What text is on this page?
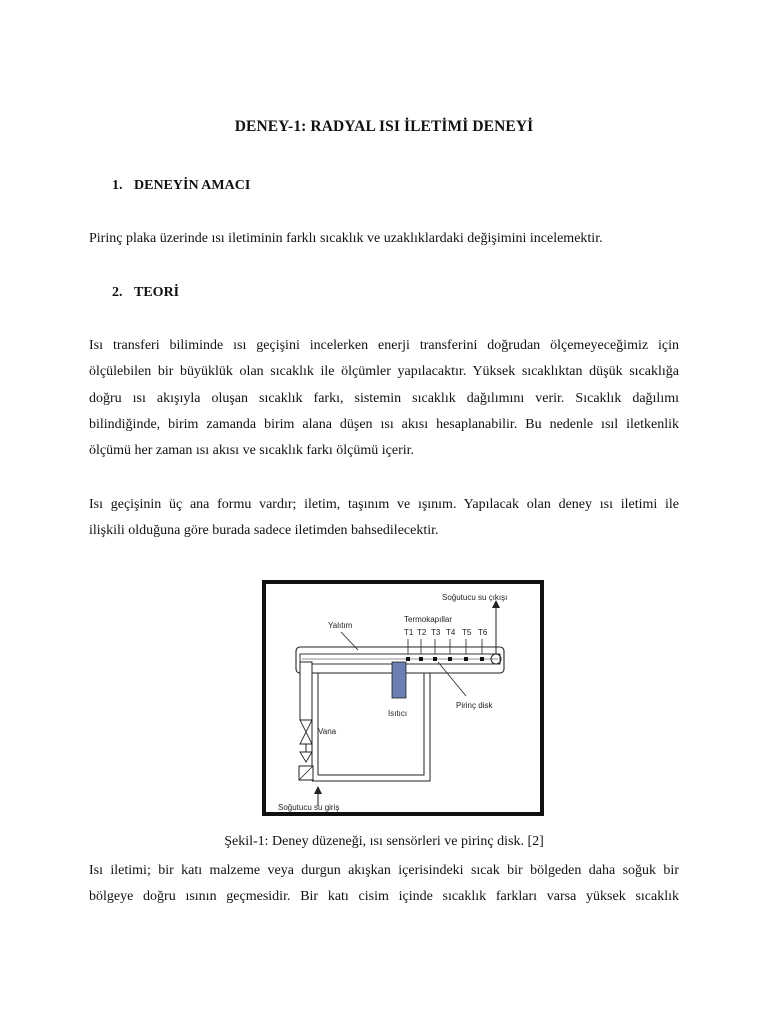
DENEY-1: RADYAL ISI İLETİMİ DENEYİ
1. DENEYİN AMACI
Pirinç plaka üzerinde ısı iletiminin farklı sıcaklık ve uzaklıklardaki değişimini incelemektir.
2. TEORİ
Isı transferi biliminde ısı geçişini incelerken enerji transferini doğrudan ölçemeyeceğimiz için
ölçülebilen bir büyüklük olan sıcaklık ile ölçümler yapılacaktır. Yüksek sıcaklıktan düşük sıcaklığa
doğru ısı akışıyla oluşan sıcaklık farkı, sistemin sıcaklık dağılımını verir. Sıcaklık dağılımı
bilindiğinde, birim zamanda birim alana düşen ısı akısı hesaplanabilir. Bu nedenle ısıl iletkenlik
ölçümü her zaman ısı akısı ve sıcaklık farkı ölçümü içerir.
Isı geçişinin üç ana formu vardır; iletim, taşınım ve ışınım. Yapılacak olan deney ısı iletimi ile
ilişkili olduğuna göre burada sadece iletimden bahsedilecektir.
Soğutucu su çıkışı
Termokapıllar
T1 T2 T3 T4 T5 T6
Yalıtım
Isıtıcı
Pirinç disk
Vana
Soğutucu su giriş
Şekil-1: Deney düzeneği, ısı sensörleri ve pirinç disk. [2]
Isı iletimi; bir katı malzeme veya durgun akışkan içerisindeki sıcak bir bölgeden daha soğuk bir
bölgeye doğru ısının geçmesidir. Bir katı cisim içinde sıcaklık farkları varsa yüksek sıcaklık
